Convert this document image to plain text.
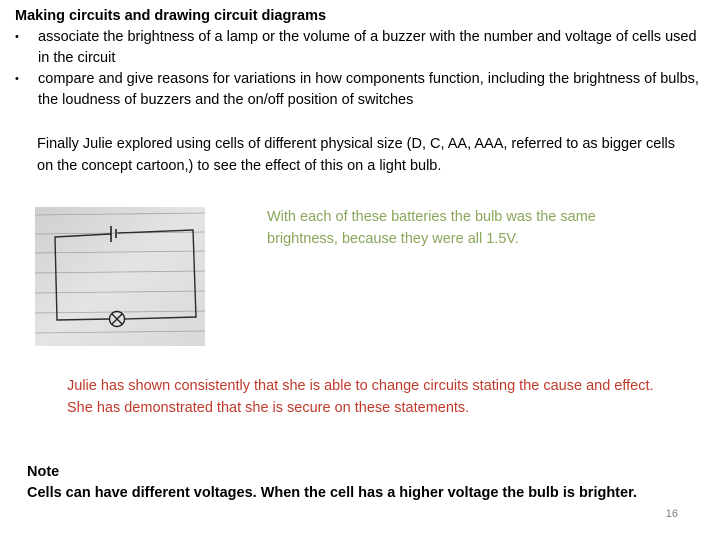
Making circuits and drawing circuit diagrams
•	associate the brightness of a lamp or the volume of a buzzer with the number and voltage of cells used in the circuit
•	compare and give reasons for variations in how components function, including the brightness of bulbs, the loudness of buzzers and the on/off position of switches
Finally Julie explored using cells of different physical size (D, C, AA, AAA, referred to as bigger cells on the concept cartoon,) to see the effect of this on a light bulb.
With each of these batteries the bulb was the same brightness, because they were all 1.5V.
Julie has shown consistently that she is able to change circuits stating the cause and effect. She has demonstrated that she is secure on these statements.
Note
Cells can have different voltages. When the cell has a higher voltage the bulb is brighter.
16
